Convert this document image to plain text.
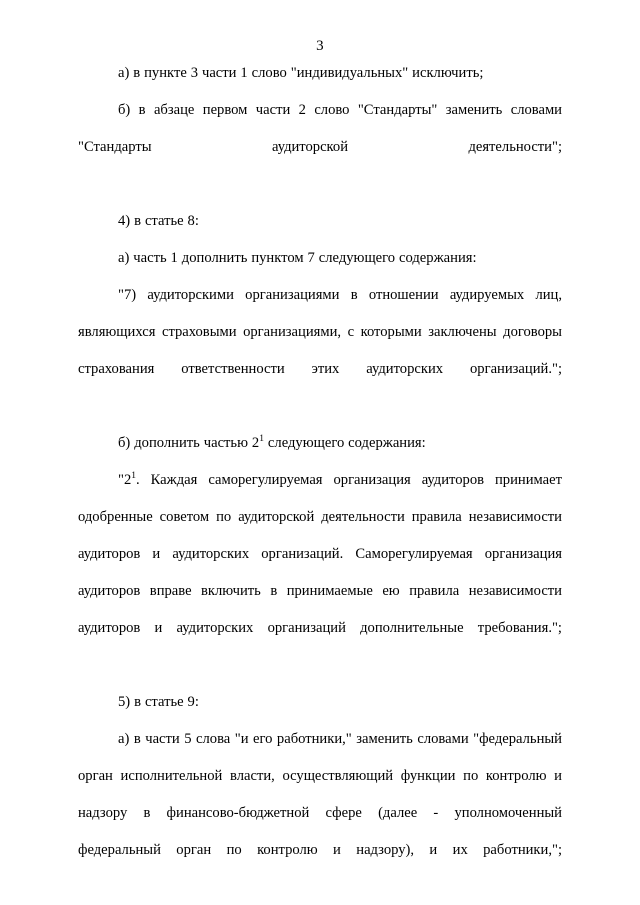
3

а) в пункте 3 части 1 слово "индивидуальных" исключить;

б) в абзаце первом части 2 слово "Стандарты" заменить словами "Стандарты аудиторской деятельности";

4) в статье 8:

а) часть 1 дополнить пунктом 7 следующего содержания:

"7) аудиторскими организациями в отношении аудируемых лиц, являющихся страховыми организациями, с которыми заключены договоры страхования ответственности этих аудиторских организаций.";

б) дополнить частью $2^1$ следующего содержания:

"$2^1$. Каждая саморегулируемая организация аудиторов принимает одобренные советом по аудиторской деятельности правила независимости аудиторов и аудиторских организаций. Саморегулируемая организация аудиторов вправе включить в принимаемые ею правила независимости аудиторов и аудиторских организаций дополнительные требования.";

5) в статье 9:

а) в части 5 слова "и его работники," заменить словами "федеральный орган исполнительной власти, осуществляющий функции по контролю и надзору в финансово-бюджетной сфере (далее - уполномоченный федеральный орган по контролю и надзору), и их работники,";
